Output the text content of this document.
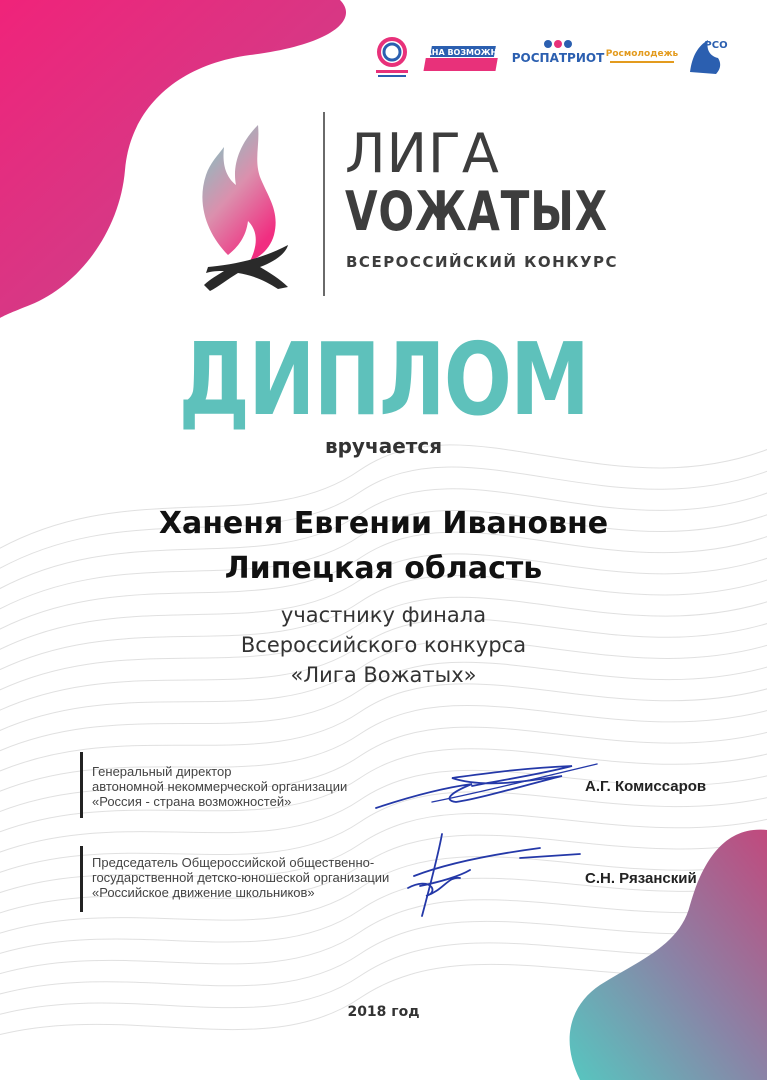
СТРАНА ВОЗМОЖНОСТЕЙ
РОСПАТРИОТ Росмолодежь
РСО
ЛИГА
VОЖАТЫХ
ВСЕРОССИЙСКИЙ КОНКУРС
ДИПЛОМ
вручается
Ханеня Евгении Ивановне
Липецкая область
участнику финала
Всероссийского конкурса
«Лига Вожатых»
Генеральный директор
автономной некоммерческой организации
«Россия - страна возможностей»
А.Г. Комиссаров
Председатель Общероссийской общественно-
государственной детско-юношеской организации
«Российское движение школьников»
С.Н. Рязанский
2018 год
